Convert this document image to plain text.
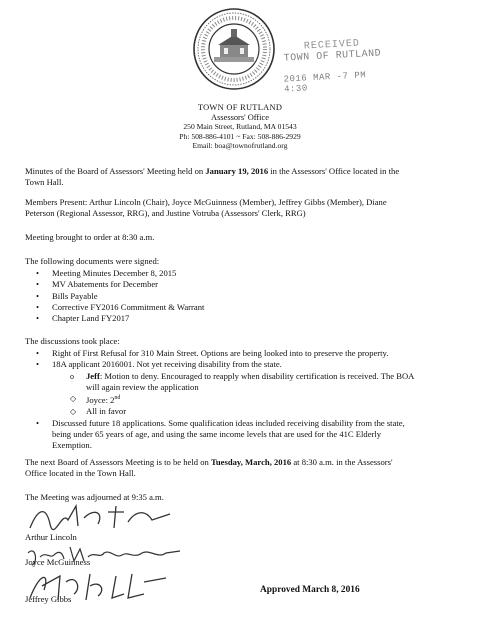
RECEIVED
TOWN OF RUTLAND
2016 MAR -7 PM 4:30
TOWN OF RUTLAND
Assessors' Office
250 Main Street, Rutland, MA 01543
Ph: 508-886-4101 ~ Fax: 508-886-2929
Email: boa@townofrutland.org
Minutes of the Board of Assessors' Meeting held on January 19, 2016 in the Assessors' Office located in the
Town Hall.
Members Present: Arthur Lincoln (Chair), Joyce McGuinness (Member), Jeffrey Gibbs (Member), Diane
Peterson (Regional Assessor, RRG), and Justine Votruba (Assessors' Clerk, RRG)
Meeting brought to order at 8:30 a.m.
The following documents were signed:
• Meeting Minutes December 8, 2015
• MV Abatements for December
• Bills Payable
• Corrective FY2016 Commitment & Warrant
• Chapter Land FY2017
The discussions took place:
• Right of First Refusal for 310 Main Street. Options are being looked into to preserve the property.
• 18A applicant 2016001. Not yet receiving disability from the state.
o Jeff: Motion to deny. Encouraged to reapply when disability certification is received. The BOA
will again review the application
◇ Joyce: 2nd
◇ All in favor
• Discussed future 18 applications. Some qualification ideas included receiving disability from the state,
being under 65 years of age, and using the same income levels that are used for the 41C Elderly
Exemption.
The next Board of Assessors Meeting is to be held on Tuesday, March, 2016 at 8:30 a.m. in the Assessors'
Office located in the Town Hall.
The Meeting was adjourned at 9:35 a.m.
Arthur Lincoln
Joyce McGuinness
Jeffrey Gibbs
Approved March 8, 2016
